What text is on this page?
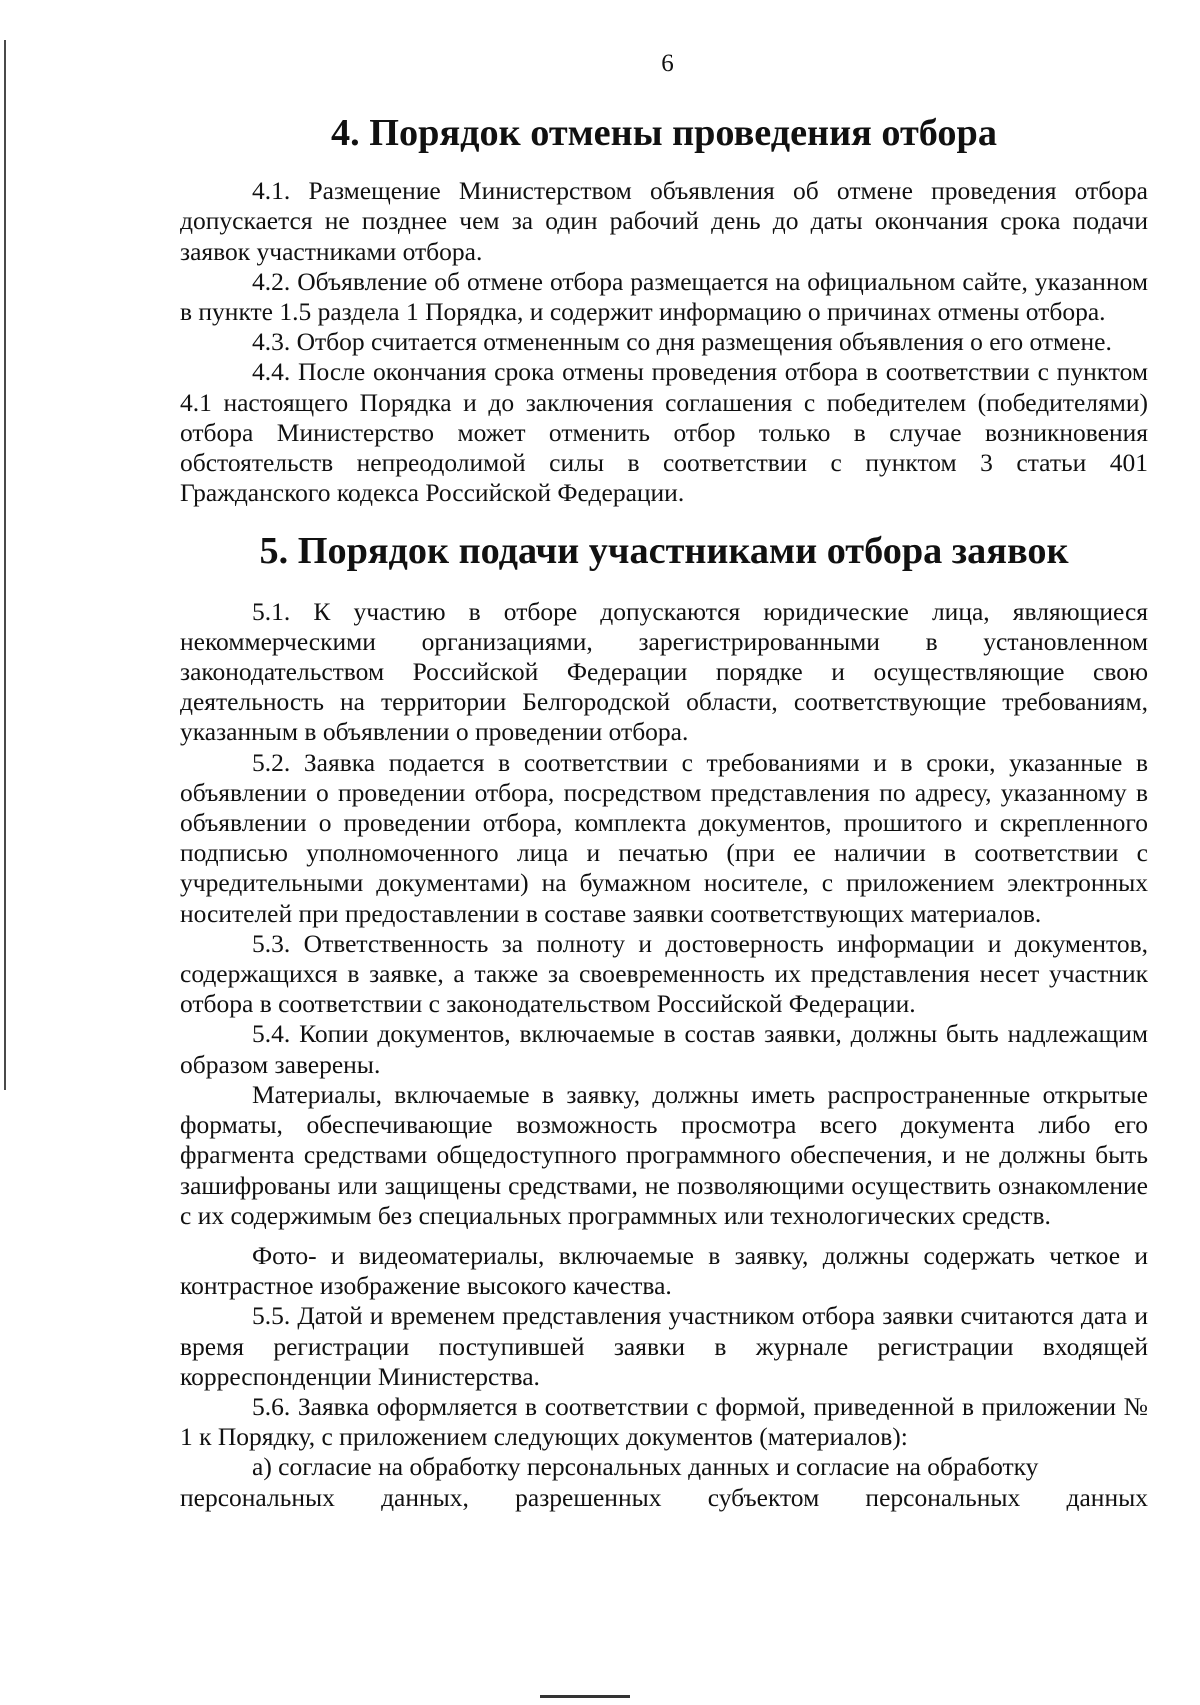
6
4. Порядок отмены проведения отбора

4.1. Размещение Министерством объявления об отмене проведения отбора допускается не позднее чем за один рабочий день до даты окончания срока подачи заявок участниками отбора.

4.2. Объявление об отмене отбора размещается на официальном сайте, указанном в пункте 1.5 раздела 1 Порядка, и содержит информацию о причинах отмены отбора.

4.3. Отбор считается отмененным со дня размещения объявления о его отмене.

4.4. После окончания срока отмены проведения отбора в соответствии с пунктом 4.1 настоящего Порядка и до заключения соглашения с победителем (победителями) отбора Министерство может отменить отбор только в случае возникновения обстоятельств непреодолимой силы в соответствии с пунктом 3 статьи 401 Гражданского кодекса Российской Федерации.

5. Порядок подачи участниками отбора заявок

5.1. К участию в отборе допускаются юридические лица, являющиеся некоммерческими организациями, зарегистрированными в установленном законодательством Российской Федерации порядке и осуществляющие свою деятельность на территории Белгородской области, соответствующие требованиям, указанным в объявлении о проведении отбора.

5.2. Заявка подается в соответствии с требованиями и в сроки, указанные в объявлении о проведении отбора, посредством представления по адресу, указанному в объявлении о проведении отбора, комплекта документов, прошитого и скрепленного подписью уполномоченного лица и печатью (при ее наличии в соответствии с учредительными документами) на бумажном носителе, с приложением электронных носителей при предоставлении в составе заявки соответствующих материалов.

5.3. Ответственность за полноту и достоверность информации и документов, содержащихся в заявке, а также за своевременность их представления несет участник отбора в соответствии с законодательством Российской Федерации.

5.4. Копии документов, включаемые в состав заявки, должны быть надлежащим образом заверены.

Материалы, включаемые в заявку, должны иметь распространенные открытые форматы, обеспечивающие возможность просмотра всего документа либо его фрагмента средствами общедоступного программного обеспечения, и не должны быть зашифрованы или защищены средствами, не позволяющими осуществить ознакомление с их содержимым без специальных программных или технологических средств.

Фото- и видеоматериалы, включаемые в заявку, должны содержать четкое и контрастное изображение высокого качества.

5.5. Датой и временем представления участником отбора заявки считаются дата и время регистрации поступившей заявки в журнале регистрации входящей корреспонденции Министерства.

5.6. Заявка оформляется в соответствии с формой, приведенной в приложении № 1 к Порядку, с приложением следующих документов (материалов):

а) согласие на обработку персональных данных и согласие на обработку

персональных данных, разрешенных субъектом персональных данных
